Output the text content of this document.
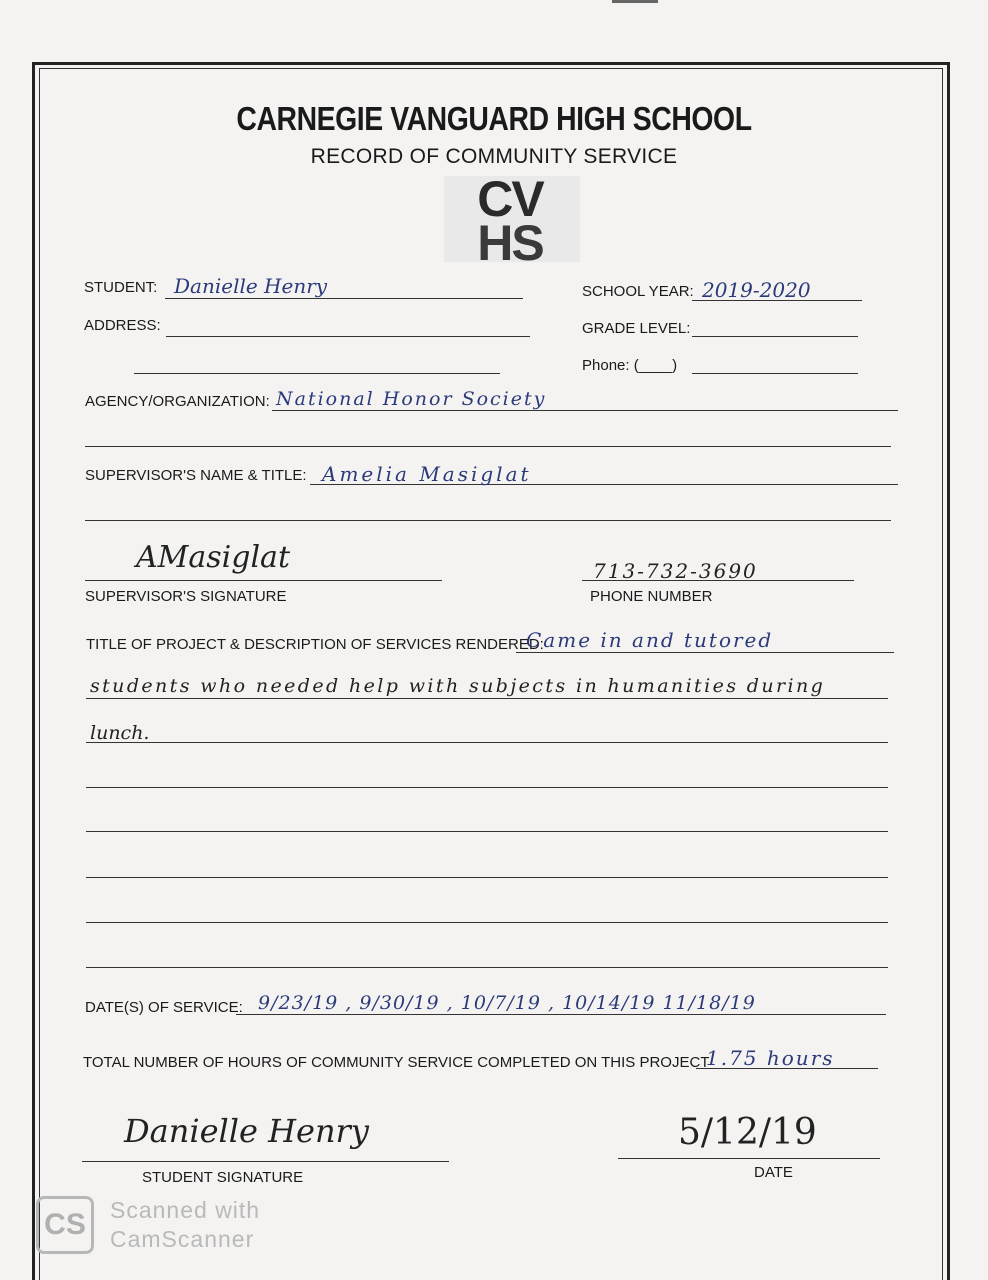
CARNEGIE VANGUARD HIGH SCHOOL
RECORD OF COMMUNITY SERVICE
CV
HS
STUDENT: Danielle Henry	SCHOOL YEAR: 2019-2020
ADDRESS:	GRADE LEVEL:
Phone: (____)
AGENCY/ORGANIZATION: National Honor Society
SUPERVISOR'S NAME & TITLE: Amelia Masiglat
AMasiglat
SUPERVISOR'S SIGNATURE
713-732-3690
PHONE NUMBER
TITLE OF PROJECT & DESCRIPTION OF SERVICES RENDERED:
Came in and tutored
students who needed help with subjects in humanities during
lunch.
DATE(S) OF SERVICE: 9/23/19 , 9/30/19 , 10/7/19 , 10/14/19 11/18/19
TOTAL NUMBER OF HOURS OF COMMUNITY SERVICE COMPLETED ON THIS PROJECT
1.75 hours
Danielle Henry
STUDENT SIGNATURE
5/12/19
DATE
CS	Scanned with
CamScanner
